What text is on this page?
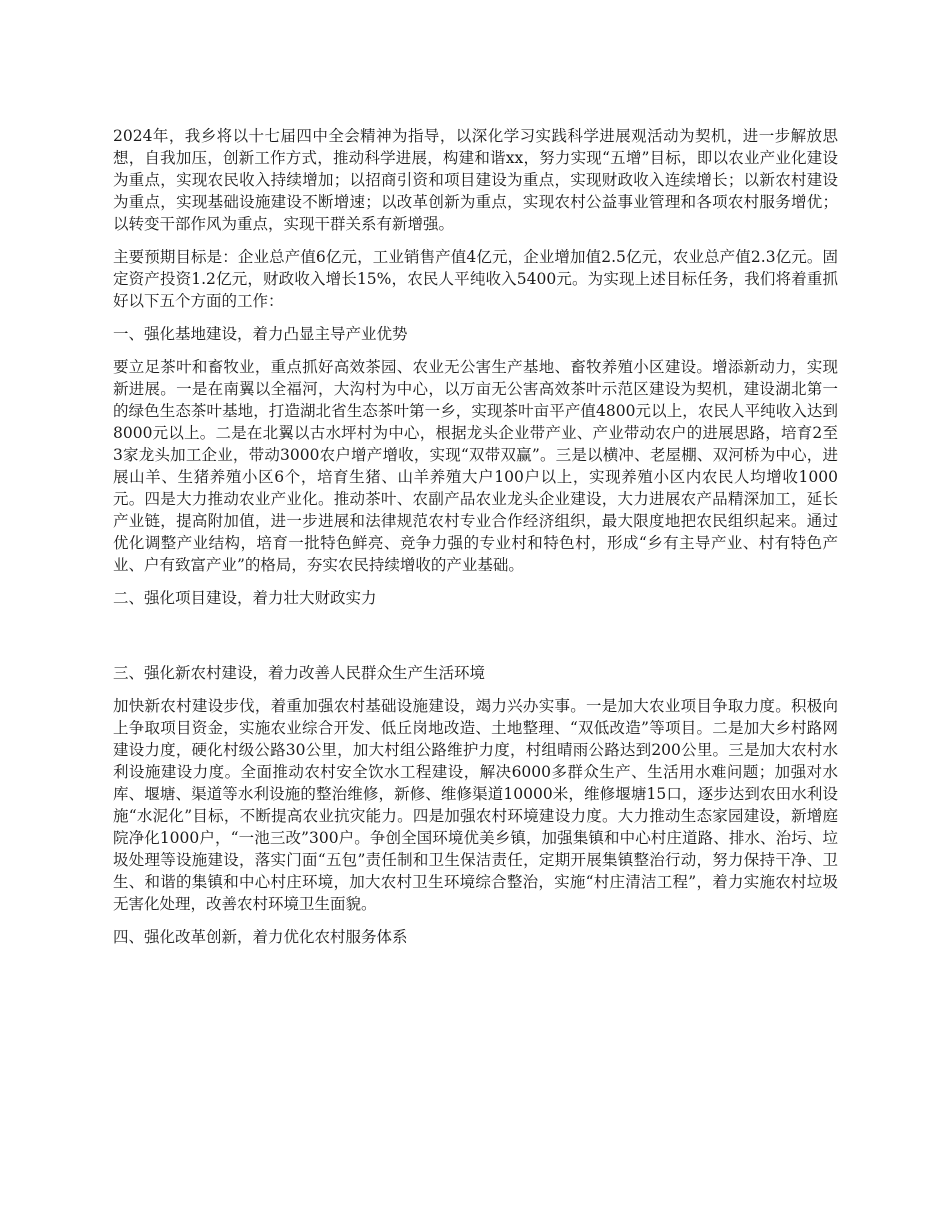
2024年，我乡将以十七届四中全会精神为指导，以深化学习实践科学进展观活动为契机，进一步解放思想，自我加压，创新工作方式，推动科学进展，构建和谐xx，努力实现“五增”目标，即以农业产业化建设为重点，实现农民收入持续增加；以招商引资和项目建设为重点，实现财政收入连续增长；以新农村建设为重点，实现基础设施建设不断增速；以改革创新为重点，实现农村公益事业管理和各项农村服务增优；以转变干部作风为重点，实现干群关系有新增强。

主要预期目标是：企业总产值6亿元，工业销售产值4亿元，企业增加值2.5亿元，农业总产值2.3亿元。固定资产投资1.2亿元，财政收入增长15%，农民人平纯收入5400元。为实现上述目标任务，我们将着重抓好以下五个方面的工作：

一、强化基地建设，着力凸显主导产业优势

要立足茶叶和畜牧业，重点抓好高效茶园、农业无公害生产基地、畜牧养殖小区建设。增添新动力，实现新进展。一是在南翼以全福河，大沟村为中心，以万亩无公害高效茶叶示范区建设为契机，建设湖北第一的绿色生态茶叶基地，打造湖北省生态茶叶第一乡，实现茶叶亩平产值4800元以上，农民人平纯收入达到8000元以上。二是在北翼以古水坪村为中心，根据龙头企业带产业、产业带动农户的进展思路，培育2至3家龙头加工企业，带动3000农户增产增收，实现“双带双赢”。三是以横冲、老屋棚、双河桥为中心，进展山羊、生猪养殖小区6个，培育生猪、山羊养殖大户100户以上，实现养殖小区内农民人均增收1000元。四是大力推动农业产业化。推动茶叶、农副产品农业龙头企业建设，大力进展农产品精深加工，延长产业链，提高附加值，进一步进展和法律规范农村专业合作经济组织，最大限度地把农民组织起来。通过优化调整产业结构，培育一批特色鲜亮、竞争力强的专业村和特色村，形成“乡有主导产业、村有特色产业、户有致富产业”的格局，夯实农民持续增收的产业基础。

二、强化项目建设，着力壮大财政实力

三、强化新农村建设，着力改善人民群众生产生活环境

加快新农村建设步伐，着重加强农村基础设施建设，竭力兴办实事。一是加大农业项目争取力度。积极向上争取项目资金，实施农业综合开发、低丘岗地改造、土地整理、“双低改造”等项目。二是加大乡村路网建设力度，硬化村级公路30公里，加大村组公路维护力度，村组晴雨公路达到200公里。三是加大农村水利设施建设力度。全面推动农村安全饮水工程建设，解决6000多群众生产、生活用水难问题；加强对水库、堰塘、渠道等水利设施的整治维修，新修、维修渠道10000米，维修堰塘15口，逐步达到农田水利设施“水泥化”目标，不断提高农业抗灾能力。四是加强农村环境建设力度。大力推动生态家园建设，新增庭院净化1000户，“一池三改”300户。争创全国环境优美乡镇，加强集镇和中心村庄道路、排水、治圬、垃圾处理等设施建设，落实门面“五包”责任制和卫生保洁责任，定期开展集镇整治行动，努力保持干净、卫生、和谐的集镇和中心村庄环境，加大农村卫生环境综合整治，实施“村庄清洁工程”，着力实施农村垃圾无害化处理，改善农村环境卫生面貌。

四、强化改革创新，着力优化农村服务体系
